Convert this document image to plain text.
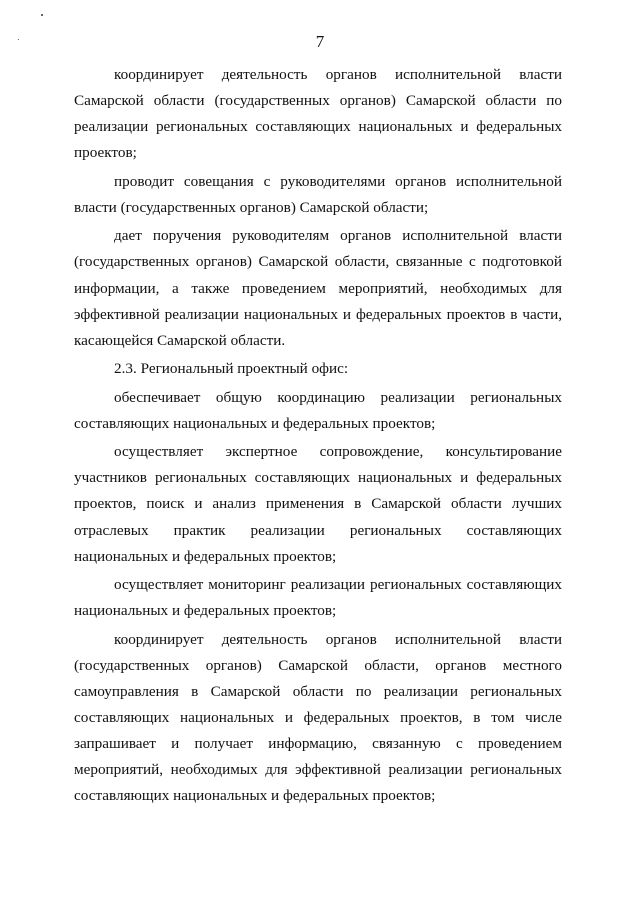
7

координирует деятельность органов исполнительной власти Самарской области (государственных органов) Самарской области по реализации региональных составляющих национальных и федеральных проектов;

проводит совещания с руководителями органов исполнительной власти (государственных органов) Самарской области;

дает поручения руководителям органов исполнительной власти (государственных органов) Самарской области, связанные с подготовкой информации, а также проведением мероприятий, необходимых для эффективной реализации национальных и федеральных проектов в части, касающейся Самарской области.

2.3. Региональный проектный офис:

обеспечивает общую координацию реализации региональных составляющих национальных и федеральных проектов;

осуществляет экспертное сопровождение, консультирование участников региональных составляющих национальных и федеральных проектов, поиск и анализ применения в Самарской области лучших отраслевых практик реализации региональных составляющих национальных и федеральных проектов;

осуществляет мониторинг реализации региональных составляющих национальных и федеральных проектов;

координирует деятельность органов исполнительной власти (государственных органов) Самарской области, органов местного самоуправления в Самарской области по реализации региональных составляющих национальных и федеральных проектов, в том числе запрашивает и получает информацию, связанную с проведением мероприятий, необходимых для эффективной реализации региональных составляющих национальных и федеральных проектов;
